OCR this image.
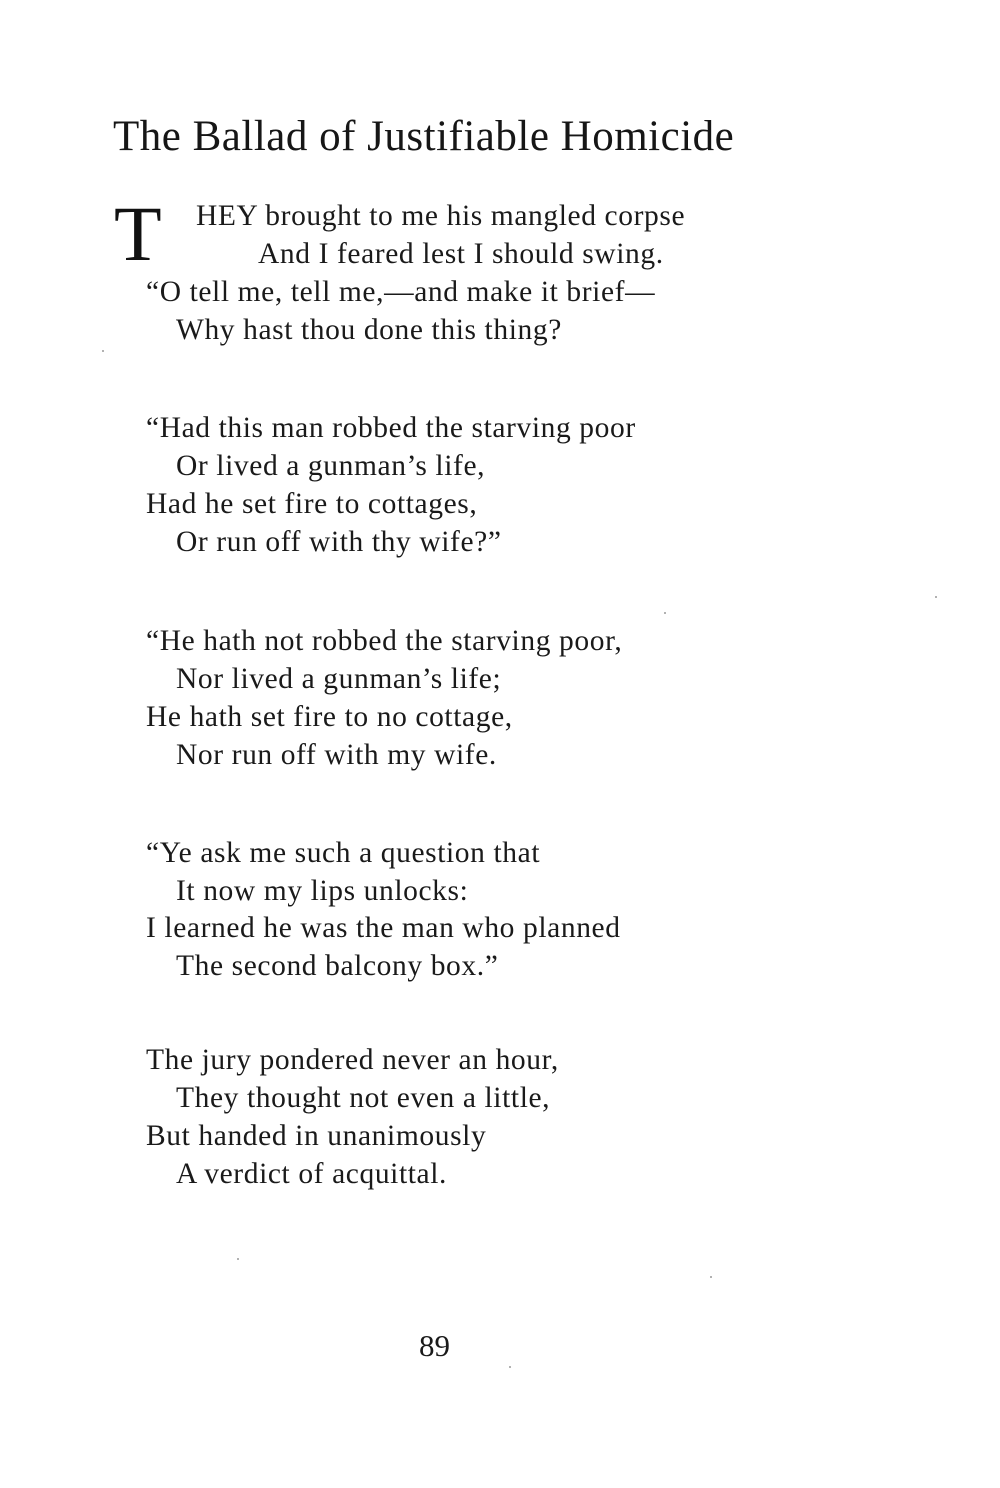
The Ballad of Justifiable Homicide
T HEY brought to me his mangled corpse
And I feared lest I should swing.
“O tell me, tell me,—and make it brief—
Why hast thou done this thing?
“Had this man robbed the starving poor
Or lived a gunman’s life,
Had he set fire to cottages,
Or run off with thy wife?”
“He hath not robbed the starving poor,
Nor lived a gunman’s life;
He hath set fire to no cottage,
Nor run off with my wife.
“Ye ask me such a question that
It now my lips unlocks:
I learned he was the man who planned
The second balcony box.”
The jury pondered never an hour,
They thought not even a little,
But handed in unanimously
A verdict of acquittal.
89
